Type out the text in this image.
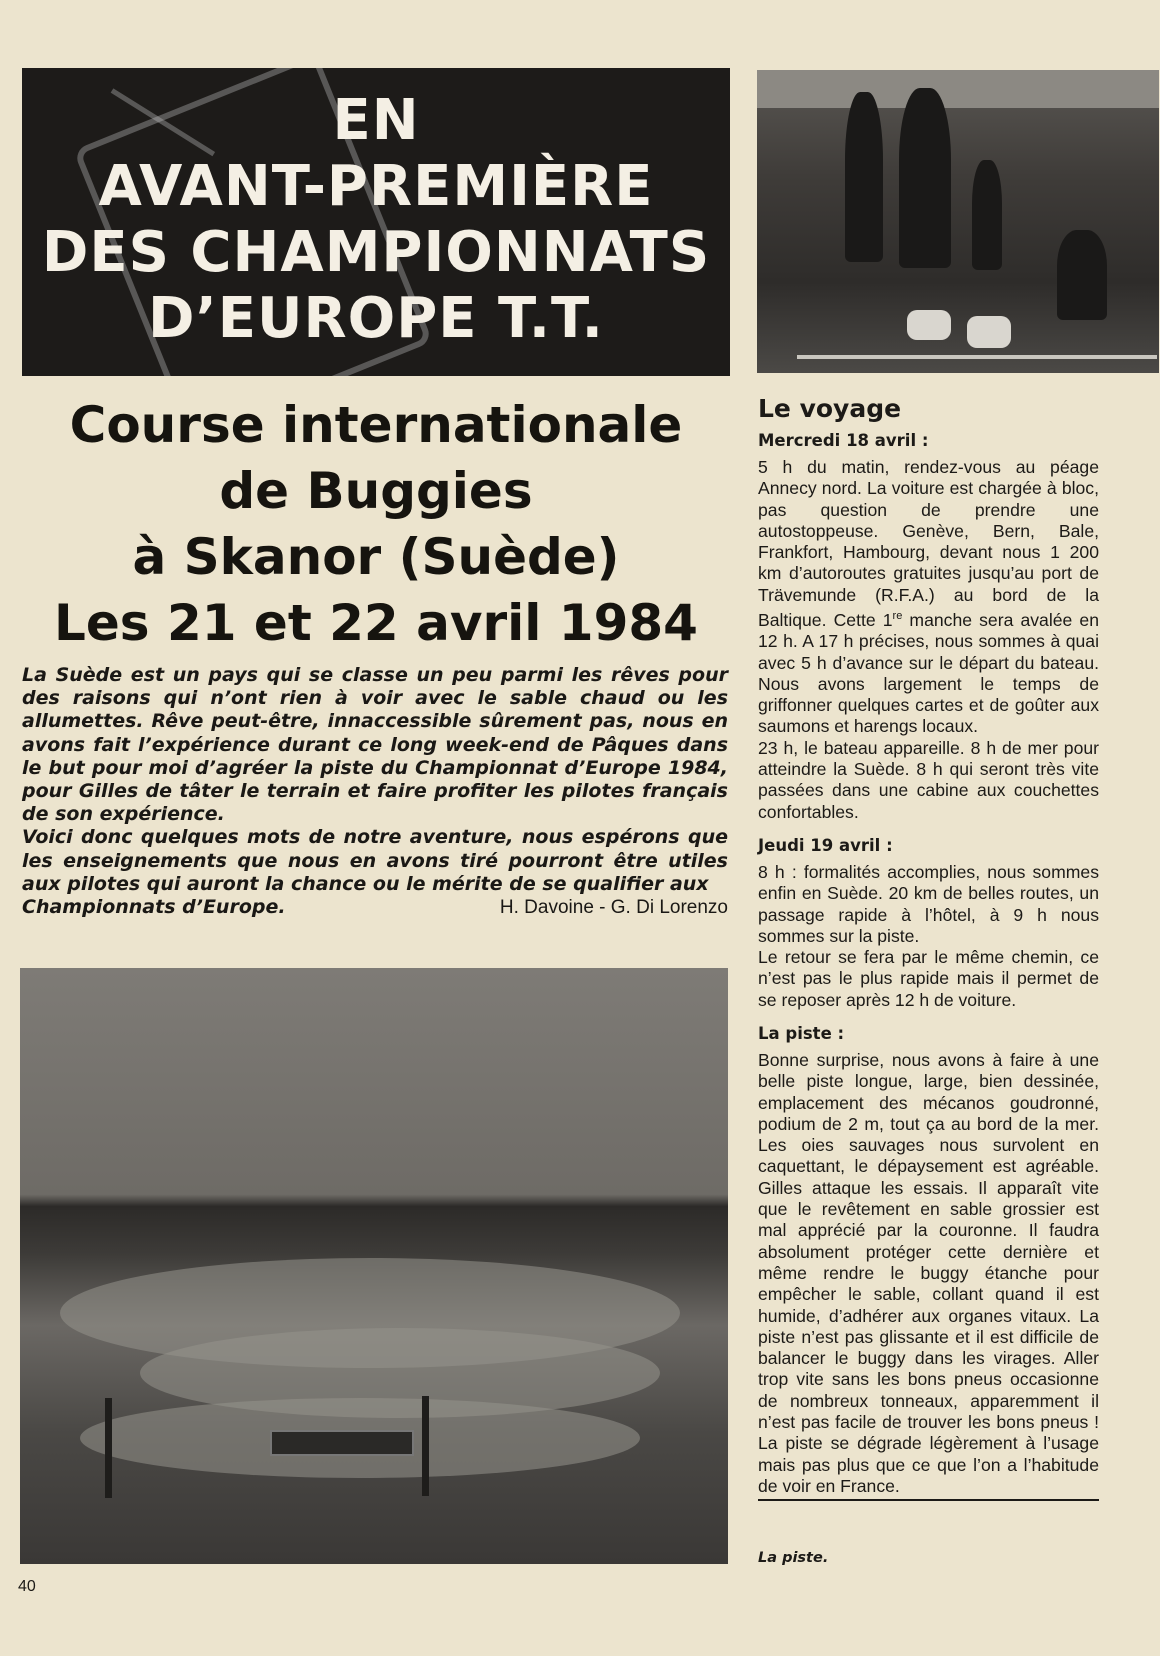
EN
AVANT-PREMIÈRE
DES CHAMPIONNATS
D’EUROPE T.T.
Course internationale
de Buggies
à Skanor (Suède)
Les 21 et 22 avril 1984

La Suède est un pays qui se classe un peu parmi les rêves pour des raisons qui n’ont rien à voir avec le sable chaud ou les allumettes. Rêve peut-être, innaccessible sûrement pas, nous en avons fait l’expérience durant ce long week-end de Pâques dans le but pour moi d’agréer la piste du Championnat d’Europe 1984, pour Gilles de tâter le terrain et faire profiter les pilotes français de son expérience.

Voici donc quelques mots de notre aventure, nous espérons que les enseignements que nous en avons tiré pourront être utiles aux pilotes qui auront la chance ou le mérite de se qualifier aux

Championnats d’Europe.	H. Davoine - G. Di Lorenzo
Le voyage
Mercredi 18 avril :

5 h du matin, rendez-vous au péage Annecy nord. La voiture est chargée à bloc, pas question de prendre une autostoppeuse. Genève, Bern, Bale, Frankfort, Hambourg, devant nous 1 200 km d’autoroutes gratuites jusqu’au port de Trävemunde (R.F.A.) au bord de la Baltique. Cette 1re manche sera avalée en 12 h. A 17 h précises, nous sommes à quai avec 5 h d’avance sur le départ du bateau. Nous avons largement le temps de griffonner quelques cartes et de goûter aux saumons et harengs locaux.

23 h, le bateau appareille. 8 h de mer pour atteindre la Suède. 8 h qui seront très vite passées dans une cabine aux couchettes confortables.

Jeudi 19 avril :

8 h : formalités accomplies, nous sommes enfin en Suède. 20 km de belles routes, un passage rapide à l’hôtel, à 9 h nous sommes sur la piste.

Le retour se fera par le même chemin, ce n’est pas le plus rapide mais il permet de se reposer après 12 h de voiture.

La piste :

Bonne surprise, nous avons à faire à une belle piste longue, large, bien dessinée, emplacement des mécanos goudronné, podium de 2 m, tout ça au bord de la mer. Les oies sauvages nous survolent en caquettant, le dépaysement est agréable. Gilles attaque les essais. Il apparaît vite que le revêtement en sable grossier est mal apprécié par la couronne. Il faudra absolument protéger cette dernière et même rendre le buggy étanche pour empêcher le sable, collant quand il est humide, d’adhérer aux organes vitaux. La piste n’est pas glissante et il est difficile de balancer le buggy dans les virages. Aller trop vite sans les bons pneus occasionne de nombreux tonneaux, apparemment il n’est pas facile de trouver les bons pneus ! La piste se dégrade légèrement à l’usage mais pas plus que ce que l’on a l’habitude de voir en France.

La piste.
40
